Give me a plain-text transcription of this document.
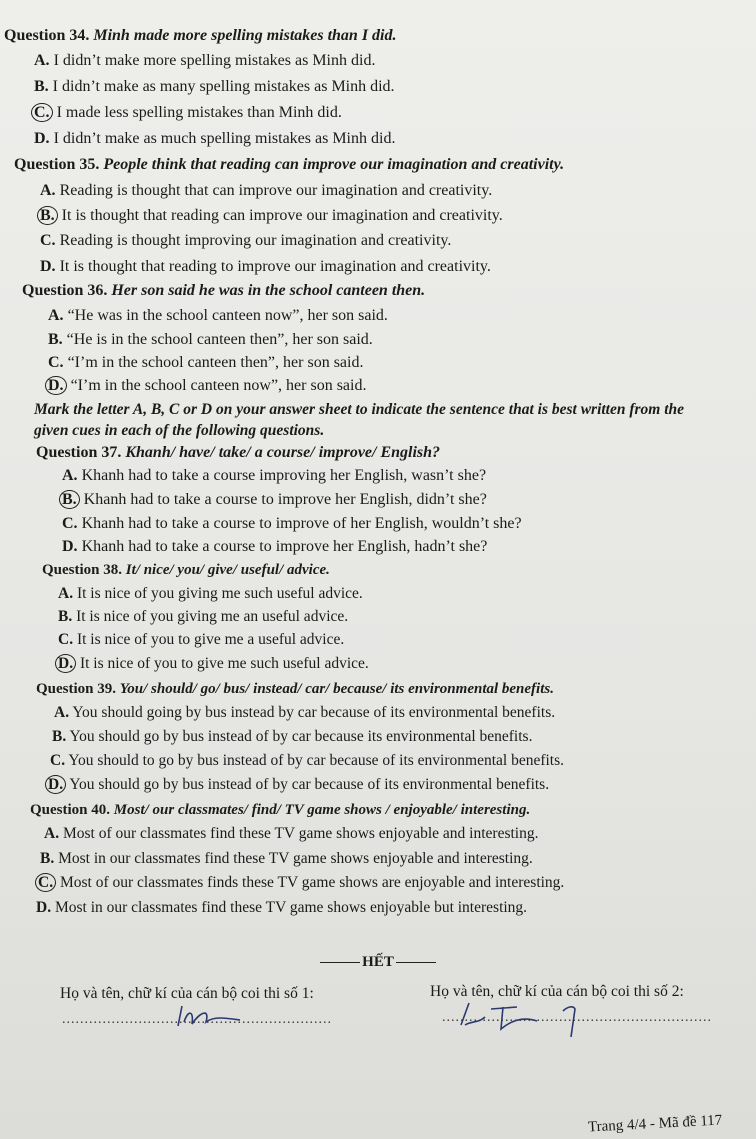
Question 34. Minh made more spelling mistakes than I did.
A. I didn’t make more spelling mistakes as Minh did.
B. I didn’t make as many spelling mistakes as Minh did.
C. I made less spelling mistakes than Minh did.
D. I didn’t make as much spelling mistakes as Minh did.
Question 35. People think that reading can improve our imagination and creativity.
A. Reading is thought that can improve our imagination and creativity.
B. It is thought that reading can improve our imagination and creativity.
C. Reading is thought improving our imagination and creativity.
D. It is thought that reading to improve our imagination and creativity.
Question 36. Her son said he was in the school canteen then.
A. “He was in the school canteen now”, her son said.
B. “He is in the school canteen then”, her son said.
C. “I’m in the school canteen then”, her son said.
D. “I’m in the school canteen now”, her son said.
Mark the letter A, B, C or D on your answer sheet to indicate the sentence that is best written from the
given cues in each of the following questions.
Question 37. Khanh/ have/ take/ a course/ improve/ English?
A. Khanh had to take a course improving her English, wasn’t she?
B. Khanh had to take a course to improve her English, didn’t she?
C. Khanh had to take a course to improve of her English, wouldn’t she?
D. Khanh had to take a course to improve her English, hadn’t she?
Question 38. It/ nice/ you/ give/ useful/ advice.
A. It is nice of you giving me such useful advice.
B. It is nice of you giving me an useful advice.
C. It is nice of you to give me a useful advice.
D. It is nice of you to give me such useful advice.
Question 39. You/ should/ go/ bus/ instead/ car/ because/ its environmental benefits.
A. You should going by bus instead by car because of its environmental benefits.
B. You should go by bus instead of by car because its environmental benefits.
C. You should to go by bus instead of by car because of its environmental benefits.
D. You should go by bus instead of by car because of its environmental benefits.
Question 40. Most/ our classmates/ find/ TV game shows / enjoyable/ interesting.
A. Most of our classmates find these TV game shows enjoyable and interesting.
B. Most in our classmates find these TV game shows enjoyable and interesting.
C. Most of our classmates finds these TV game shows are enjoyable and interesting.
D. Most in our classmates find these TV game shows enjoyable but interesting.
HẾT
Họ và tên, chữ kí của cán bộ coi thi số 1:	Họ và tên, chữ kí của cán bộ coi thi số 2:
............................................................	............................................................
Trang 4/4 - Mã đề 117
